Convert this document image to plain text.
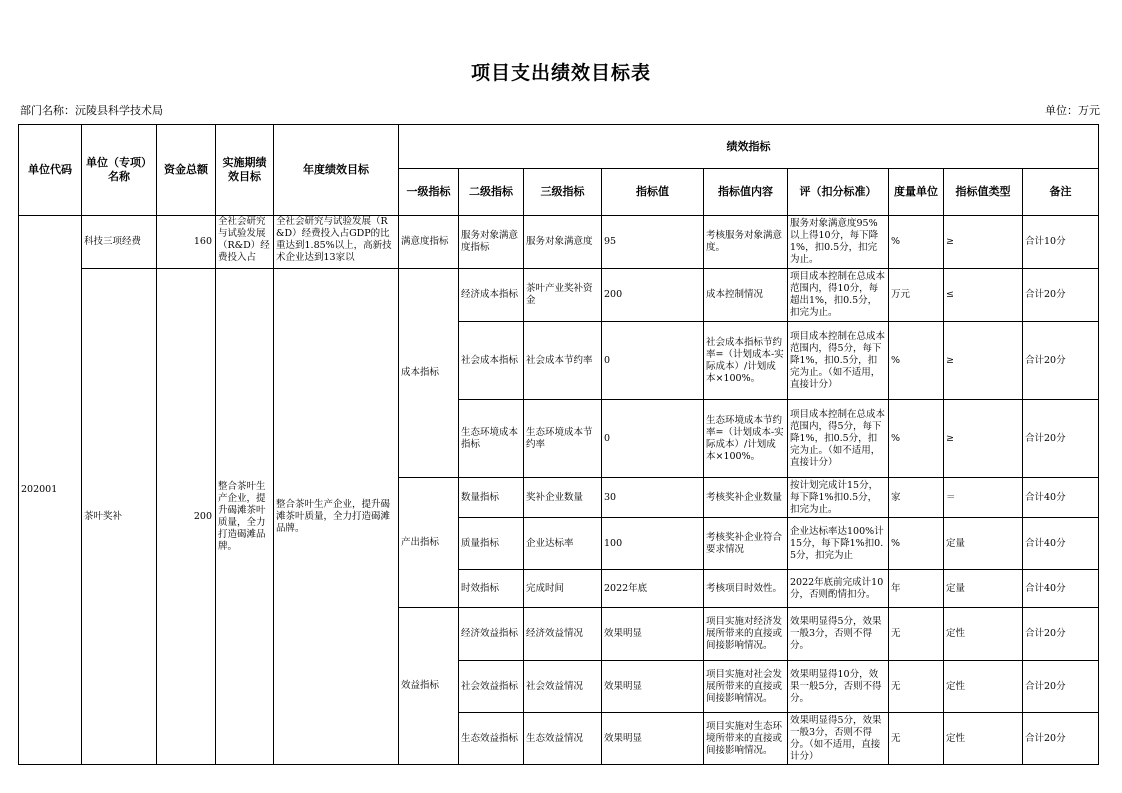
项目支出绩效目标表
部门名称：沅陵县科学技术局	单位：万元
单位代码	单位（专项）名称	资金总额	实施期绩效目标	年度绩效目标	绩效指标								
					一级指标	二级指标	三级指标	指标值	指标值内容	评（扣分标准）	度量单位	指标值类型	备注
202001	科技三项经费	160	全社会研究与试验发展（R&D）经费投入占	全社会研究与试验发展（R&D）经费投入占GDP的比重达到1.85%以上，高新技术企业达到13家以	满意度指标	服务对象满意度指标	服务对象满意度	95	考核服务对象满意度。	服务对象满意度95%以上得10分，每下降1%，扣0.5分，扣完为止。	%	≥	合计10分
	茶叶奖补	200	整合茶叶生产企业，提升碣滩茶叶质量，全力打造碣滩品牌。	整合茶叶生产企业，提升碣滩茶叶质量，全力打造碣滩品牌。	成本指标	经济成本指标	茶叶产业奖补资金	200	成本控制情况	项目成本控制在总成本范围内，得10分，每超出1%，扣0.5分，扣完为止。	万元	≤	合计20分
						社会成本指标	社会成本节约率	0	社会成本指标节约率=（计划成本-实际成本）/计划成本×100%。	项目成本控制在总成本范围内，得5分，每下降1%，扣0.5分，扣完为止。（如不适用，直接计分）	%	≥	合计20分
						生态环境成本指标	生态环境成本节约率	0	生态环境成本节约率=（计划成本-实际成本）/计划成本×100%。	项目成本控制在总成本范围内，得5分，每下降1%，扣0.5分，扣完为止。（如不适用，直接计分）	%	≥	合计20分
					产出指标	数量指标	奖补企业数量	30	考核奖补企业数量	按计划完成计15分，每下降1%扣0.5分，扣完为止。	家	＝	合计40分
						质量指标	企业达标率	100	考核奖补企业符合要求情况	企业达标率达100%计15分，每下降1%扣0.5分，扣完为止	%	定量	合计40分
						时效指标	完成时间	2022年底	考核项目时效性。	2022年底前完成计10分，否则酌情扣分。	年	定量	合计40分
					效益指标	经济效益指标	经济效益情况	效果明显	项目实施对经济发展所带来的直接或间接影响情况。	效果明显得5分，效果一般3分，否则不得分。	无	定性	合计20分
						社会效益指标	社会效益情况	效果明显	项目实施对社会发展所带来的直接或间接影响情况。	效果明显得10分，效果一般5分，否则不得分。	无	定性	合计20分
						生态效益指标	生态效益情况	效果明显	项目实施对生态环境所带来的直接或间接影响情况。	效果明显得5分，效果一般3分，否则不得分。（如不适用，直接计分）	无	定性	合计20分
